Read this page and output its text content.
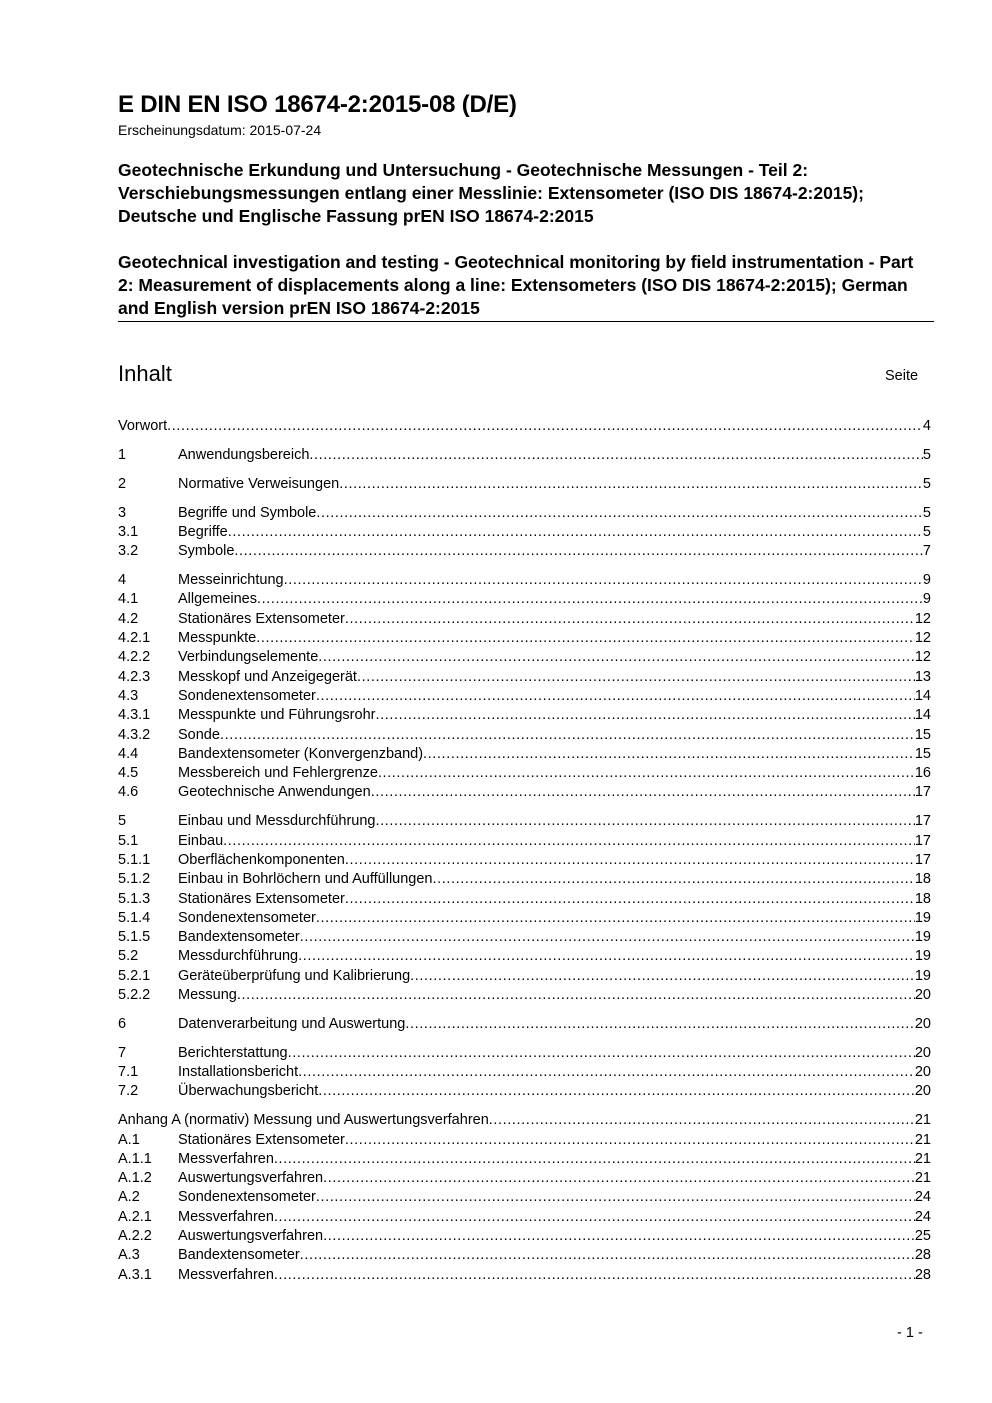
E DIN EN ISO 18674-2:2015-08 (D/E)
Erscheinungsdatum: 2015-07-24
Geotechnische Erkundung und Untersuchung - Geotechnische Messungen - Teil 2: Verschiebungsmessungen entlang einer Messlinie: Extensometer (ISO DIS 18674-2:2015); Deutsche und Englische Fassung prEN ISO 18674-2:2015
Geotechnical investigation and testing - Geotechnical monitoring by field instrumentation - Part 2: Measurement of displacements along a line: Extensometers (ISO DIS 18674-2:2015); German and English version prEN ISO 18674-2:2015
Inhalt	Seite
Vorwort .....	4
1	Anwendungsbereich .....	5
2	Normative Verweisungen .....	5
3	Begriffe und Symbole .....	5
3.1	Begriffe .....	5
3.2	Symbole .....	7
4	Messeinrichtung .....	9
4.1	Allgemeines .....	9
4.2	Stationäres Extensometer .....	12
4.2.1	Messpunkte .....	12
4.2.2	Verbindungselemente .....	12
4.2.3	Messkopf und Anzeigegerät .....	13
4.3	Sondenextensometer .....	14
4.3.1	Messpunkte und Führungsrohr .....	14
4.3.2	Sonde .....	15
4.4	Bandextensometer (Konvergenzband) .....	15
4.5	Messbereich und Fehlergrenze .....	16
4.6	Geotechnische Anwendungen .....	17
5	Einbau und Messdurchführung .....	17
5.1	Einbau .....	17
5.1.1	Oberflächenkomponenten .....	17
5.1.2	Einbau in Bohrlöchern und Auffüllungen .....	18
5.1.3	Stationäres Extensometer .....	18
5.1.4	Sondenextensometer .....	19
5.1.5	Bandextensometer .....	19
5.2	Messdurchführung .....	19
5.2.1	Geräteüberprüfung und Kalibrierung .....	19
5.2.2	Messung .....	20
6	Datenverarbeitung und Auswertung .....	20
7	Berichterstattung .....	20
7.1	Installationsbericht .....	20
7.2	Überwachungsbericht .....	20
Anhang A (normativ) Messung und Auswertungsverfahren .....	21
A.1	Stationäres Extensometer .....	21
A.1.1	Messverfahren .....	21
A.1.2	Auswertungsverfahren .....	21
A.2	Sondenextensometer .....	24
A.2.1	Messverfahren .....	24
A.2.2	Auswertungsverfahren .....	25
A.3	Bandextensometer .....	28
A.3.1	Messverfahren .....	28
- 1 -
